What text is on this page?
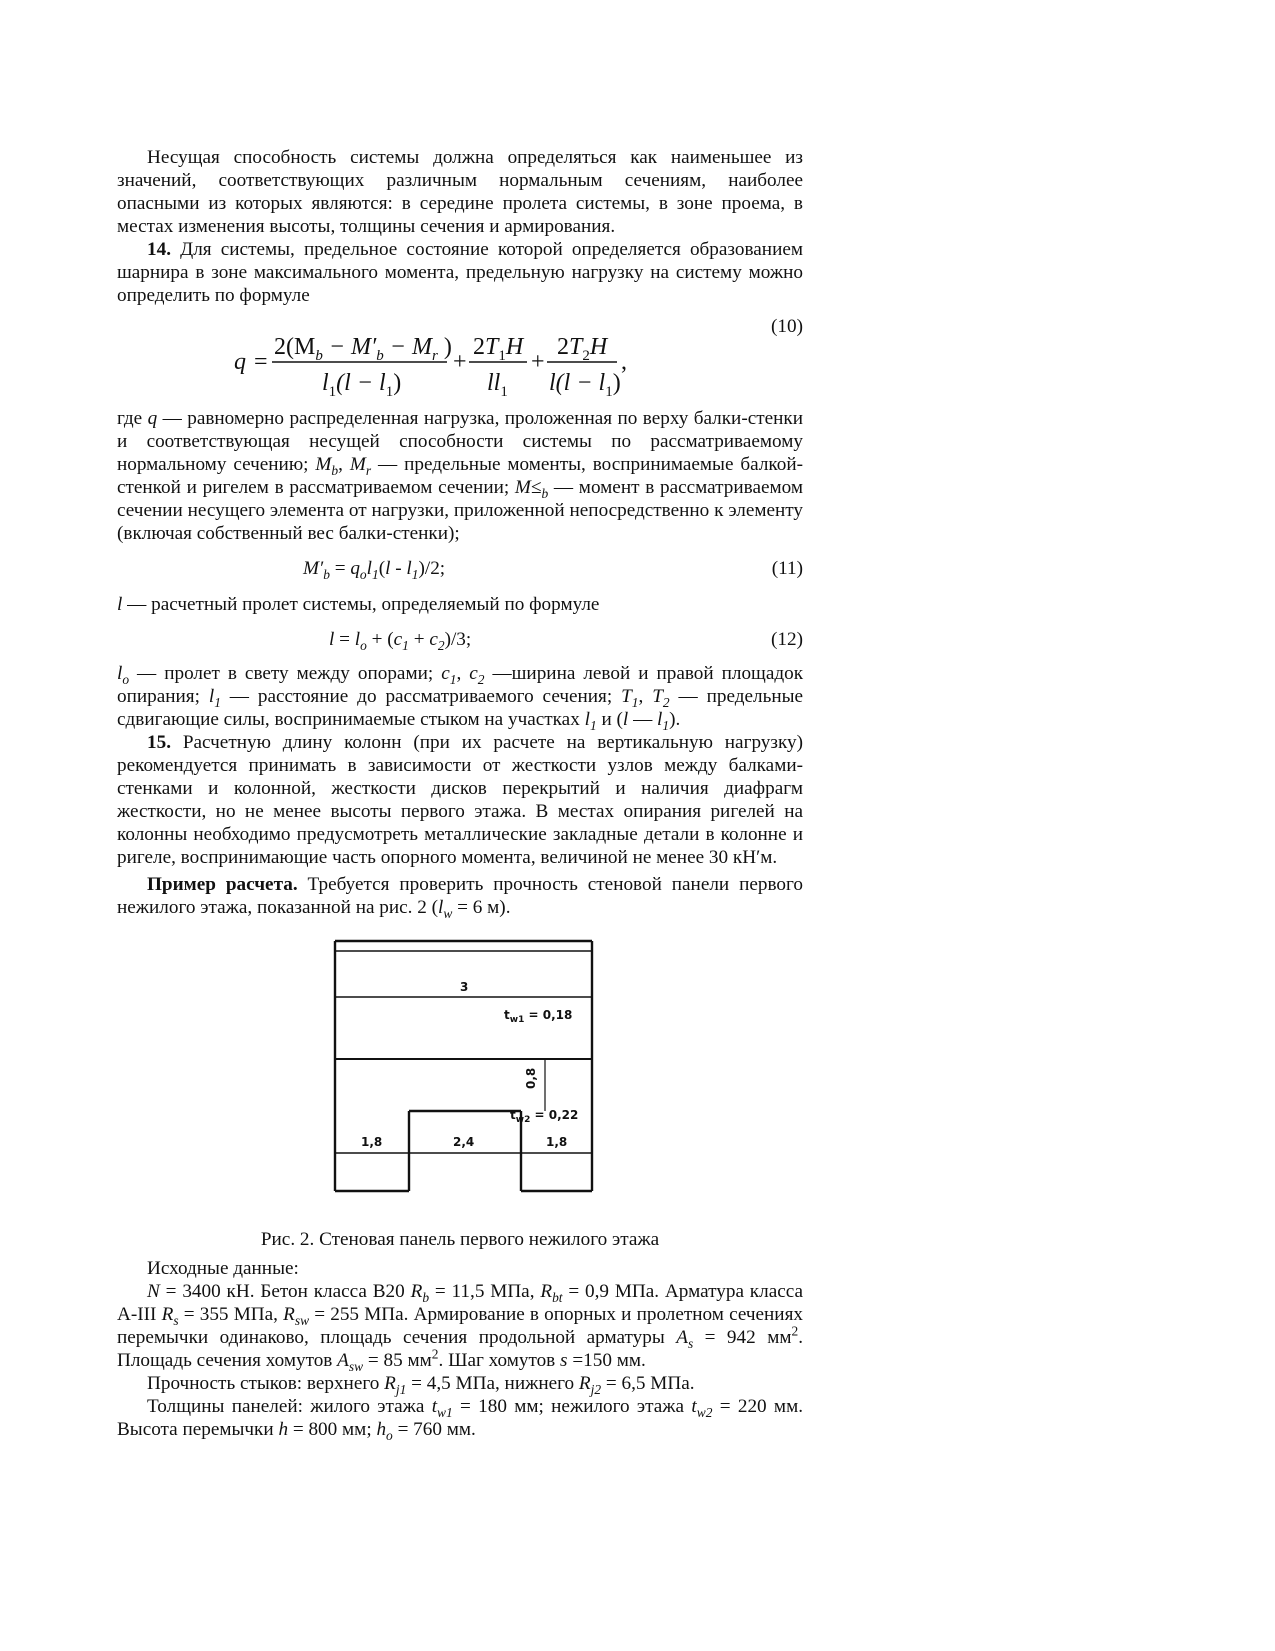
Несущая способность системы должна определяться как наименьшее из значений, соответствующих различным нормальным сечениям, наиболее опасными из которых являются: в середине пролета системы, в зоне проема, в местах изменения высоты, толщины сечения и армирования.

14. Для системы, предельное состояние которой определяется образованием шарнира в зоне максимального момента, предельную нагрузку на систему можно определить по формуле

(10)
q =
$2(M_b - M'_b - M_r$ )
$l_1(l - l_1)$
+
$2T_1H$
$ll_1$
+
$2T_2H$
$l(l - l_1)$
,

где q — равномерно распределенная нагрузка, проложенная по верху балки-стенки и соответствующая несущей способности системы по рассматриваемому нормальному сечению; $M_b$, $M_r$ — предельные моменты, воспринимаемые балкой-стенкой и ригелем в рассматриваемом сечении; $M\le_b$ — момент в рассматриваемом сечении несущего элемента от нагрузки, приложенной непосредственно к элементу (включая собственный вес балки-стенки);

(11)
$M'_b = q_ol_1(l - l_1)/2$;

l — расчетный пролет системы, определяемый по формуле

(12)
$l = l_o + (c_1 + c_2)/3$;

$l_o$ — пролет в свету между опорами; $c_1$, $c_2$ —ширина левой и правой площадок опирания; $l_1$ — расстояние до рассматриваемого сечения; $T_1$, $T_2$ — предельные сдвигающие силы, воспринимаемые стыком на участках $l_1$ и (l — $l_1$).

15. Расчетную длину колонн (при их расчете на вертикальную нагрузку) рекомендуется принимать в зависимости от жесткости узлов между балками-стенками и колонной, жесткости дисков перекрытий и наличия диафрагм жесткости, но не менее высоты первого этажа. В местах опирания ригелей на колонны необходимо предусмотреть металлические закладные детали в колонне и ригеле, воспринимающие часть опорного момента, величиной не менее 30 кН′м.

Пример расчета. Требуется проверить прочность стеновой панели первого нежилого этажа, показанной на рис. 2 ($l_w = 6$ м).

3
$t_{w1} = 0,18$
0,8
$t_{w2} = 0,22$
1,8	2,4	1,8

Рис. 2. Стеновая панель первого нежилого этажа

Исходные данные:

N = 3400 кН. Бетон класса В20 $R_b = 11,5$ МПа, $R_{bt} = 0,9$ МПа. Арматура класса А-III $R_s = 355$ МПа, $R_{sw} = 255$ МПа. Армирование в опорных и пролетном сечениях перемычки одинаково, площадь сечения продольной арматуры $A_s = 942$ $мм^2$. Площадь сечения хомутов $A_{sw} = 85$ $мм^2$. Шаг хомутов s =150 мм.

Прочность стыков: верхнего $R_{j1} = 4,5$ МПа, нижнего $R_{j2} = 6,5$ МПа.

Толщины панелей: жилого этажа $t_{w1} = 180$ мм; нежилого этажа $t_{w2} = 220$ мм. Высота перемычки h = 800 мм; $h_o = 760$ мм.
